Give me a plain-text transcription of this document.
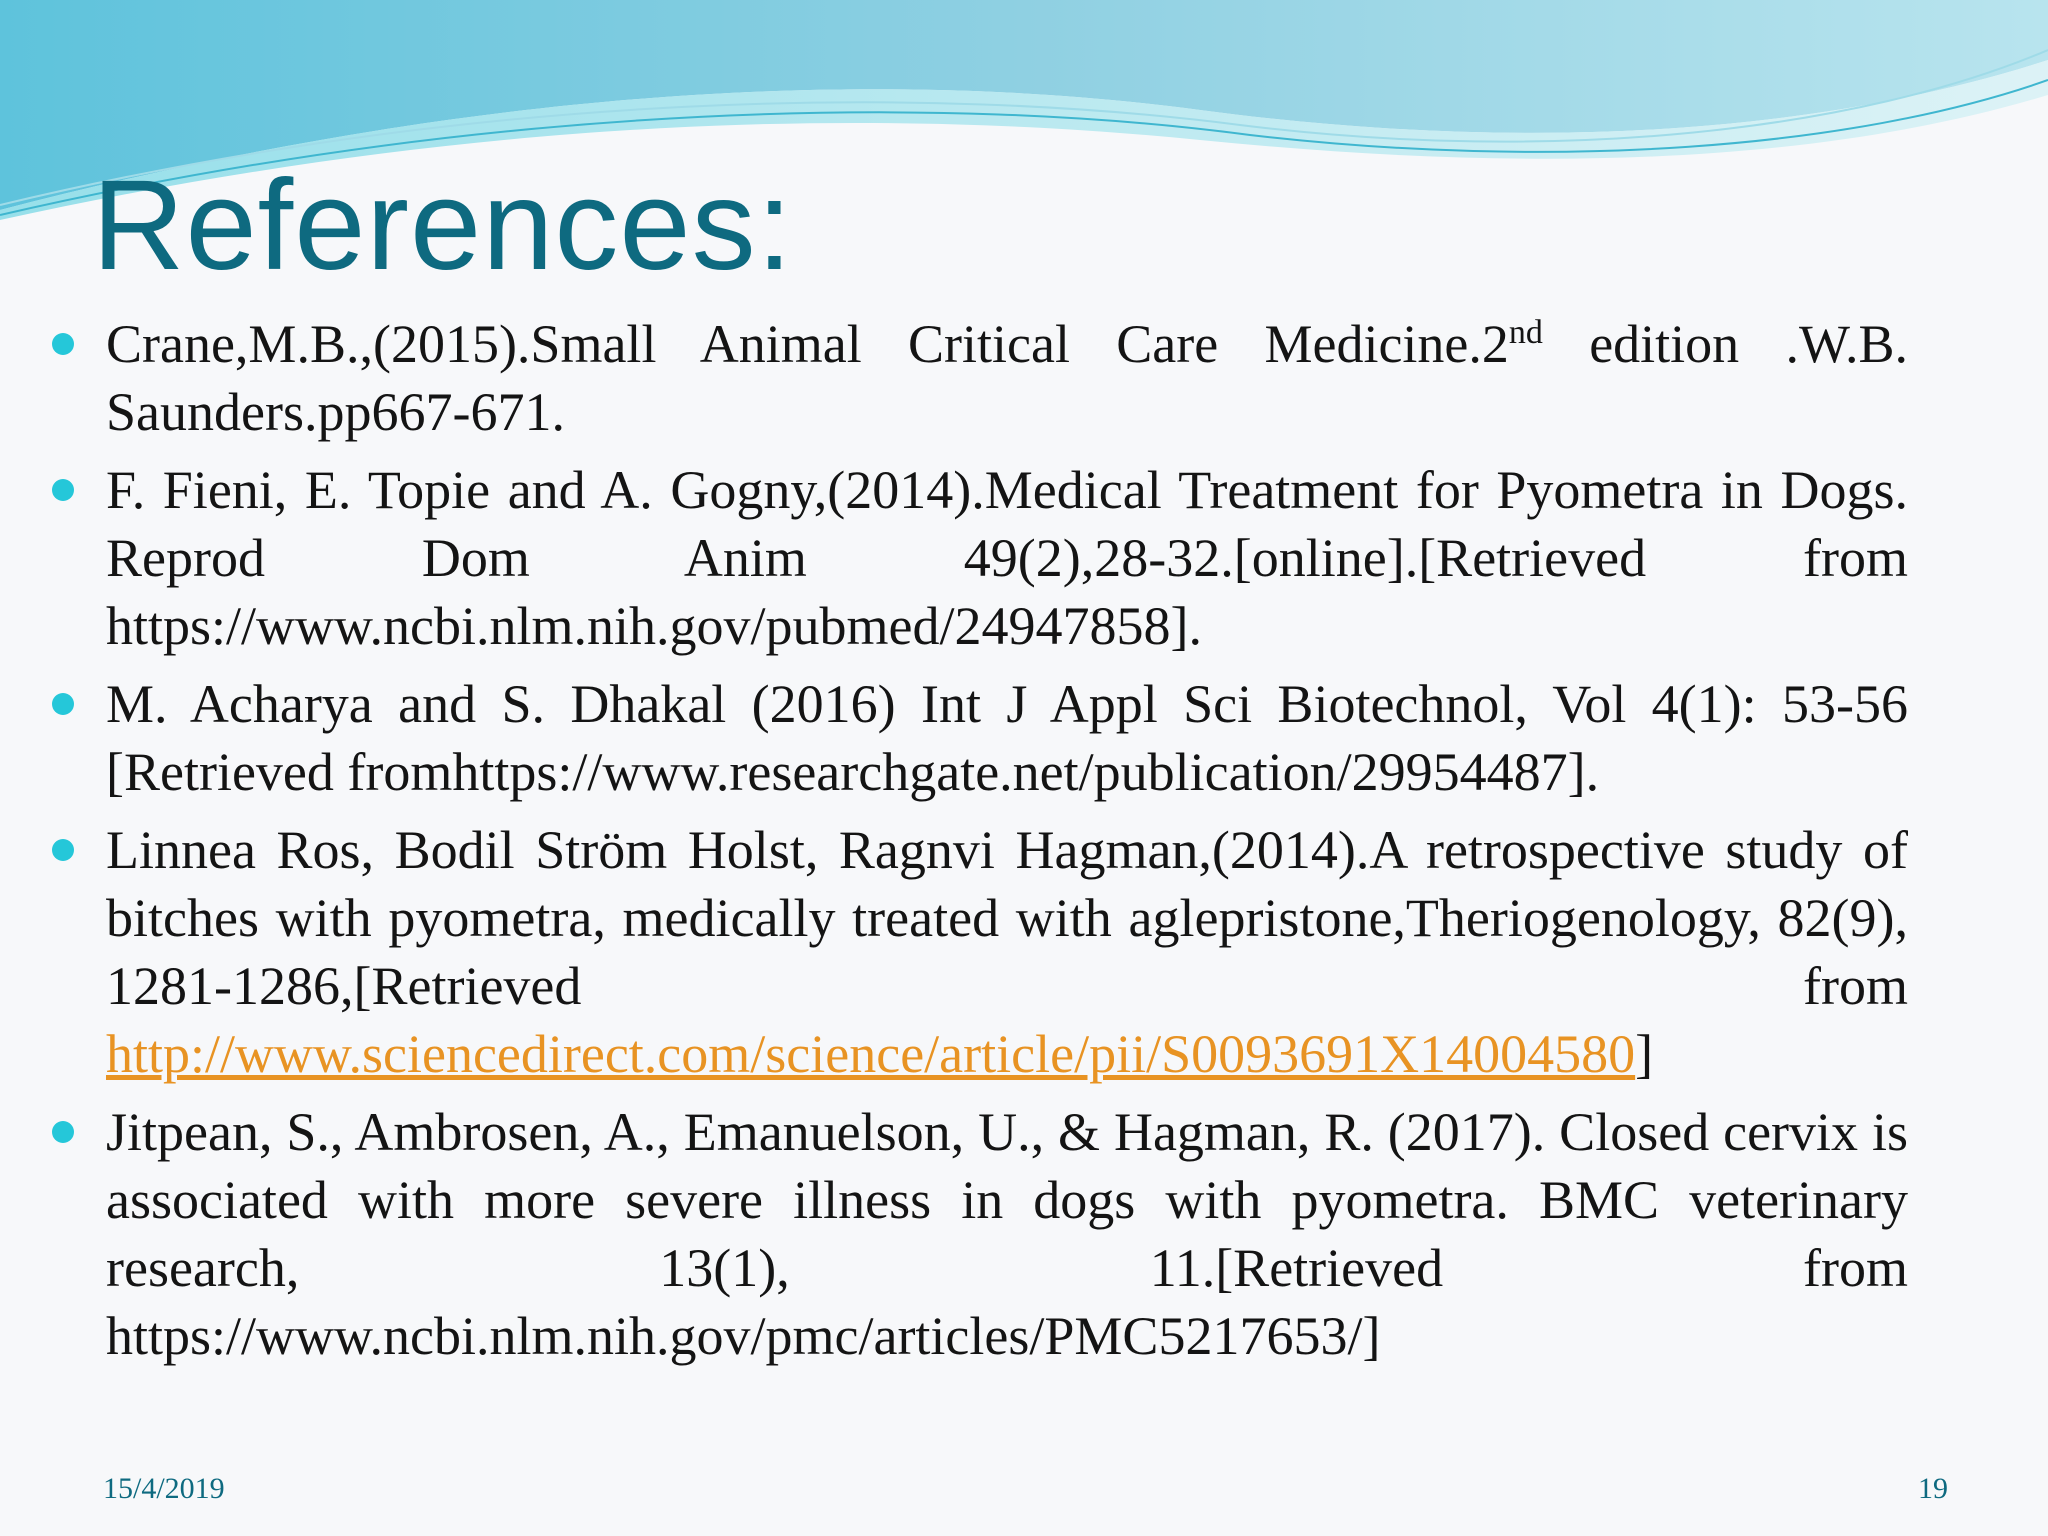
References:
Crane,M.B.,(2015).Small Animal Critical Care Medicine.2nd edition .W.B. Saunders.pp667-671.
F. Fieni, E. Topie and A. Gogny,(2014).Medical Treatment for Pyometra in Dogs. Reprod Dom Anim 49(2),28-32.[online].[Retrieved from https://www.ncbi.nlm.nih.gov/pubmed/24947858].
M. Acharya and S. Dhakal (2016) Int J Appl Sci Biotechnol, Vol 4(1): 53-56 [Retrieved fromhttps://www.researchgate.net/publication/29954487].
Linnea Ros, Bodil Ström Holst, Ragnvi Hagman,(2014).A retrospective study of bitches with pyometra, medically treated with aglepristone,Theriogenology, 82(9), 1281-1286,[Retrieved from http://www.sciencedirect.com/science/article/pii/S0093691X14004580]
Jitpean, S., Ambrosen, A., Emanuelson, U., & Hagman, R. (2017). Closed cervix is associated with more severe illness in dogs with pyometra. BMC veterinary research, 13(1), 11.[Retrieved from https://www.ncbi.nlm.nih.gov/pmc/articles/PMC5217653/]
15/4/2019	19
